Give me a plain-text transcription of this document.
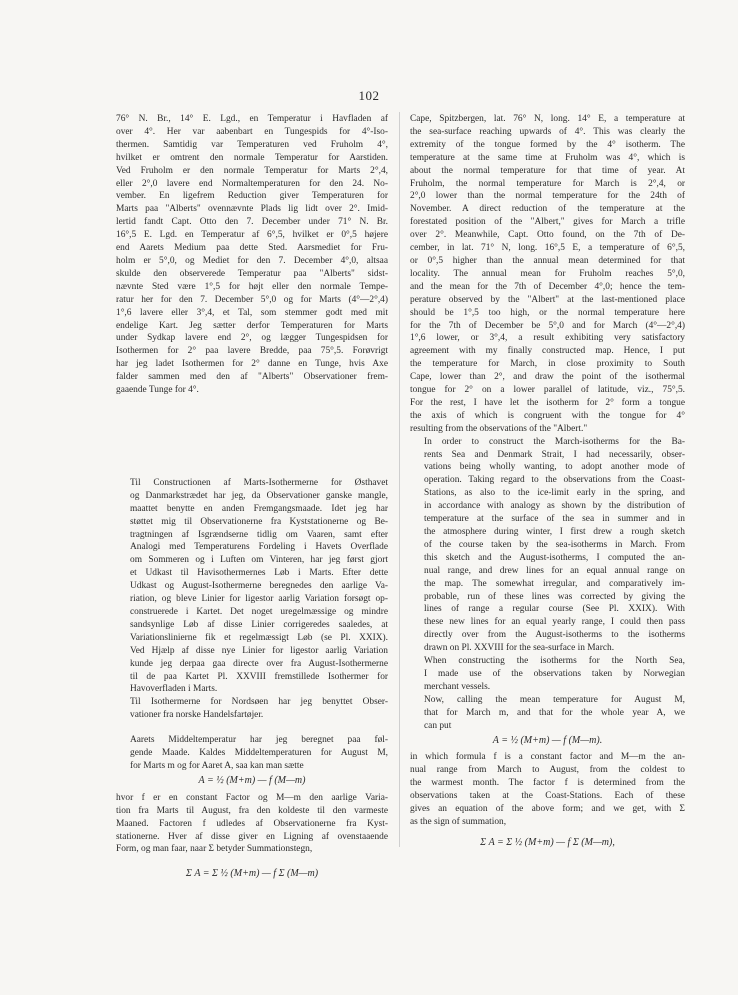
102

76° N. Br., 14° E. Lgd., en Temperatur i Havfladen af
over 4°. Her var aabenbart en Tungespids for 4°-Iso-
thermen. Samtidig var Temperaturen ved Fruholm 4°,
hvilket er omtrent den normale Temperatur for Aarstiden.
Ved Fruholm er den normale Temperatur for Marts 2°,4,
eller 2°,0 lavere end Normaltemperaturen for den 24. No-
vember. En ligefrem Reduction giver Temperaturen for
Marts paa "Alberts" ovennævnte Plads lig lidt over 2°. Imid-
lertid fandt Capt. Otto den 7. December under 71° N. Br.
16°,5 E. Lgd. en Temperatur af 6°,5, hvilket er 0°,5 højere
end Aarets Medium paa dette Sted. Aarsmediet for Fru-
holm er 5°,0, og Mediet for den 7. December 4°,0, altsaa
skulde den observerede Temperatur paa "Alberts" sidst-
nævnte Sted være 1°,5 for højt eller den normale Tempe-
ratur her for den 7. December 5°,0 og for Marts (4°—2°,4)
1°,6 lavere eller 3°,4, et Tal, som stemmer godt med mit
endelige Kart. Jeg sætter derfor Temperaturen for Marts
under Sydkap lavere end 2°, og lægger Tungespidsen for
Isothermen for 2° paa lavere Bredde, paa 75°,5. Forøvrigt
har jeg ladet Isothermen for 2° danne en Tunge, hvis Axe
falder sammen med den af "Alberts" Observationer frem-
gaaende Tunge for 4°.

Til Constructionen af Marts-Isothermerne for Østhavet
og Danmarkstrædet har jeg, da Observationer ganske mangle,
maattet benytte en anden Fremgangsmaade. Idet jeg har
støttet mig til Observationerne fra Kyststationerne og Be-
tragtningen af Isgrændserne tidlig om Vaaren, samt efter
Analogi med Temperaturens Fordeling i Havets Overflade
om Sommeren og i Luften om Vinteren, har jeg først gjort
et Udkast til Havisothermernes Løb i Marts. Efter dette
Udkast og August-Isothermerne beregnedes den aarlige Va-
riation, og bleve Linier for ligestor aarlig Variation forsøgt op-
construerede i Kartet. Det noget uregelmæssige og mindre
sandsynlige Løb af disse Linier corrigeredes saaledes, at
Variationslinierne fik et regelmæssigt Løb (se Pl. XXIX).
Ved Hjælp af disse nye Linier for ligestor aarlig Variation
kunde jeg derpaa gaa directe over fra August-Isothermerne
til de paa Kartet Pl. XXVIII fremstillede Isothermer for
Havoverfladen i Marts.

Til Isothermerne for Nordsøen har jeg benyttet Obser-
vationer fra norske Handelsfartøjer.

Aarets Middeltemperatur har jeg beregnet paa føl-
gende Maade. Kaldes Middeltemperaturen for August M,
for Marts m og for Aaret A, saa kan man sætte

A = ½ (M+m) — f (M—m)

hvor f er en constant Factor og M—m den aarlige Varia-
tion fra Marts til August, fra den koldeste til den varmeste
Maaned. Factoren f udledes af Observationerne fra Kyst-
stationerne. Hver af disse giver en Ligning af ovenstaaende
Form, og man faar, naar Σ betyder Summationstegn,

Σ A = Σ ½ (M+m) — f Σ (M—m)

Cape, Spitzbergen, lat. 76° N, long. 14° E, a temperature at
the sea-surface reaching upwards of 4°. This was clearly the
extremity of the tongue formed by the 4° isotherm. The
temperature at the same time at Fruholm was 4°, which is
about the normal temperature for that time of year. At
Fruholm, the normal temperature for March is 2°,4, or
2°,0 lower than the normal temperature for the 24th of
November. A direct reduction of the temperature at the
forestated position of the "Albert," gives for March a trifle
over 2°. Meanwhile, Capt. Otto found, on the 7th of De-
cember, in lat. 71° N, long. 16°,5 E, a temperature of 6°,5,
or 0°,5 higher than the annual mean determined for that
locality. The annual mean for Fruholm reaches 5°,0,
and the mean for the 7th of December 4°,0; hence the tem-
perature observed by the "Albert" at the last-mentioned place
should be 1°,5 too high, or the normal temperature here
for the 7th of December be 5°,0 and for March (4°—2°,4)
1°,6 lower, or 3°,4, a result exhibiting very satisfactory
agreement with my finally constructed map. Hence, I put
the temperature for March, in close proximity to South
Cape, lower than 2°, and draw the point of the isothermal
tongue for 2° on a lower parallel of latitude, viz., 75°,5.
For the rest, I have let the isotherm for 2° form a tongue
the axis of which is congruent with the tongue for 4°
resulting from the observations of the "Albert."

In order to construct the March-isotherms for the Ba-
rents Sea and Denmark Strait, I had necessarily, obser-
vations being wholly wanting, to adopt another mode of
operation. Taking regard to the observations from the Coast-
Stations, as also to the ice-limit early in the spring, and
in accordance with analogy as shown by the distribution of
temperature at the surface of the sea in summer and in
the atmosphere during winter, I first drew a rough sketch
of the course taken by the sea-isotherms in March. From
this sketch and the August-isotherms, I computed the an-
nual range, and drew lines for an equal annual range on
the map. The somewhat irregular, and comparatively im-
probable, run of these lines was corrected by giving the
lines of range a regular course (See Pl. XXIX). With
these new lines for an equal yearly range, I could then pass
directly over from the August-isotherms to the isotherms
drawn on Pl. XXVIII for the sea-surface in March.

When constructing the isotherms for the North Sea,
I made use of the observations taken by Norwegian
merchant vessels.

Now, calling the mean temperature for August M,
that for March m, and that for the whole year A, we
can put

A = ½ (M+m) — f (M—m).

in which formula f is a constant factor and M—m the an-
nual range from March to August, from the coldest to
the warmest month. The factor f is determined from the
observations taken at the Coast-Stations. Each of these
gives an equation of the above form; and we get, with Σ
as the sign of summation,

Σ A = Σ ½ (M+m) — f Σ (M—m),
